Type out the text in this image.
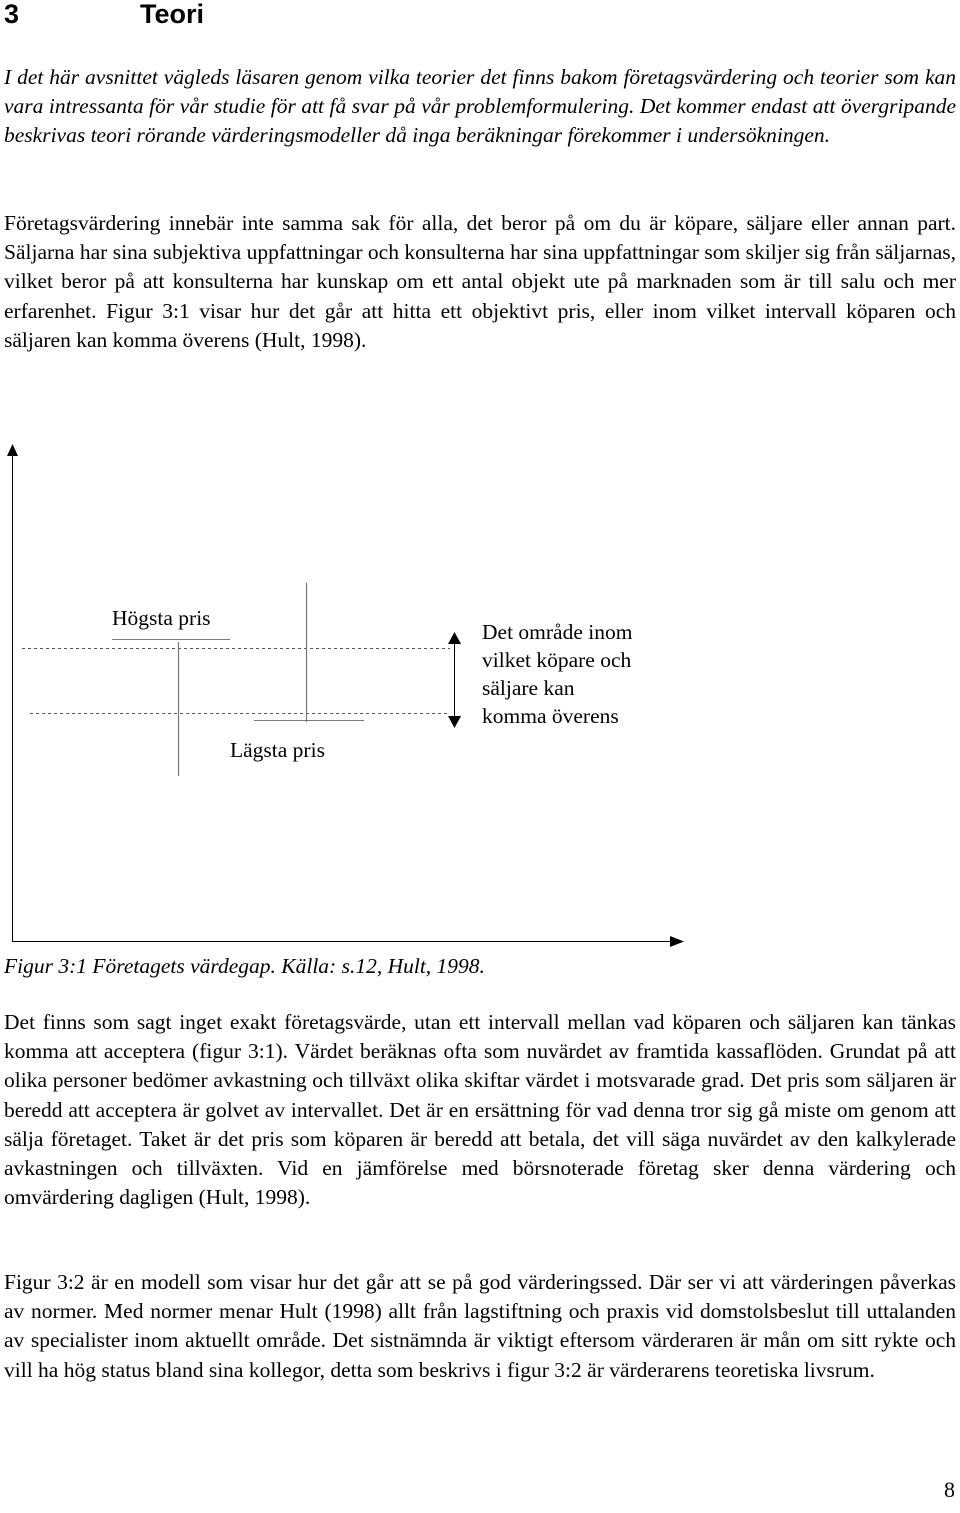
3	Teori

I det här avsnittet vägleds läsaren genom vilka teorier det finns bakom företagsvärdering och teorier som kan vara intressanta för vår studie för att få svar på vår problemformulering. Det kommer endast att övergripande beskrivas teori rörande värderingsmodeller då inga beräkningar förekommer i undersökningen.

Företagsvärdering innebär inte samma sak för alla, det beror på om du är köpare, säljare eller annan part. Säljarna har sina subjektiva uppfattningar och konsulterna har sina uppfattningar som skiljer sig från säljarnas, vilket beror på att konsulterna har kunskap om ett antal objekt ute på marknaden som är till salu och mer erfarenhet. Figur 3:1 visar hur det går att hitta ett objektivt pris, eller inom vilket intervall köparen och säljaren kan komma överens (Hult, 1998).

Högsta pris

Lägsta pris

Det område inom
vilket köpare och
säljare kan
komma överens

Figur 3:1 Företagets värdegap. Källa: s.12, Hult, 1998.

Det finns som sagt inget exakt företagsvärde, utan ett intervall mellan vad köparen och säljaren kan tänkas komma att acceptera (figur 3:1). Värdet beräknas ofta som nuvärdet av framtida kassaflöden. Grundat på att olika personer bedömer avkastning och tillväxt olika skiftar värdet i motsvarade grad. Det pris som säljaren är beredd att acceptera är golvet av intervallet. Det är en ersättning för vad denna tror sig gå miste om genom att sälja företaget. Taket är det pris som köparen är beredd att betala, det vill säga nuvärdet av den kalkylerade avkastningen och tillväxten. Vid en jämförelse med börsnoterade företag sker denna värdering och omvärdering dagligen (Hult, 1998).

Figur 3:2 är en modell som visar hur det går att se på god värderingssed. Där ser vi att värderingen påverkas av normer. Med normer menar Hult (1998) allt från lagstiftning och praxis vid domstolsbeslut till uttalanden av specialister inom aktuellt område. Det sistnämnda är viktigt eftersom värderaren är mån om sitt rykte och vill ha hög status bland sina kollegor, detta som beskrivs i figur 3:2 är värderarens teoretiska livsrum.

8
